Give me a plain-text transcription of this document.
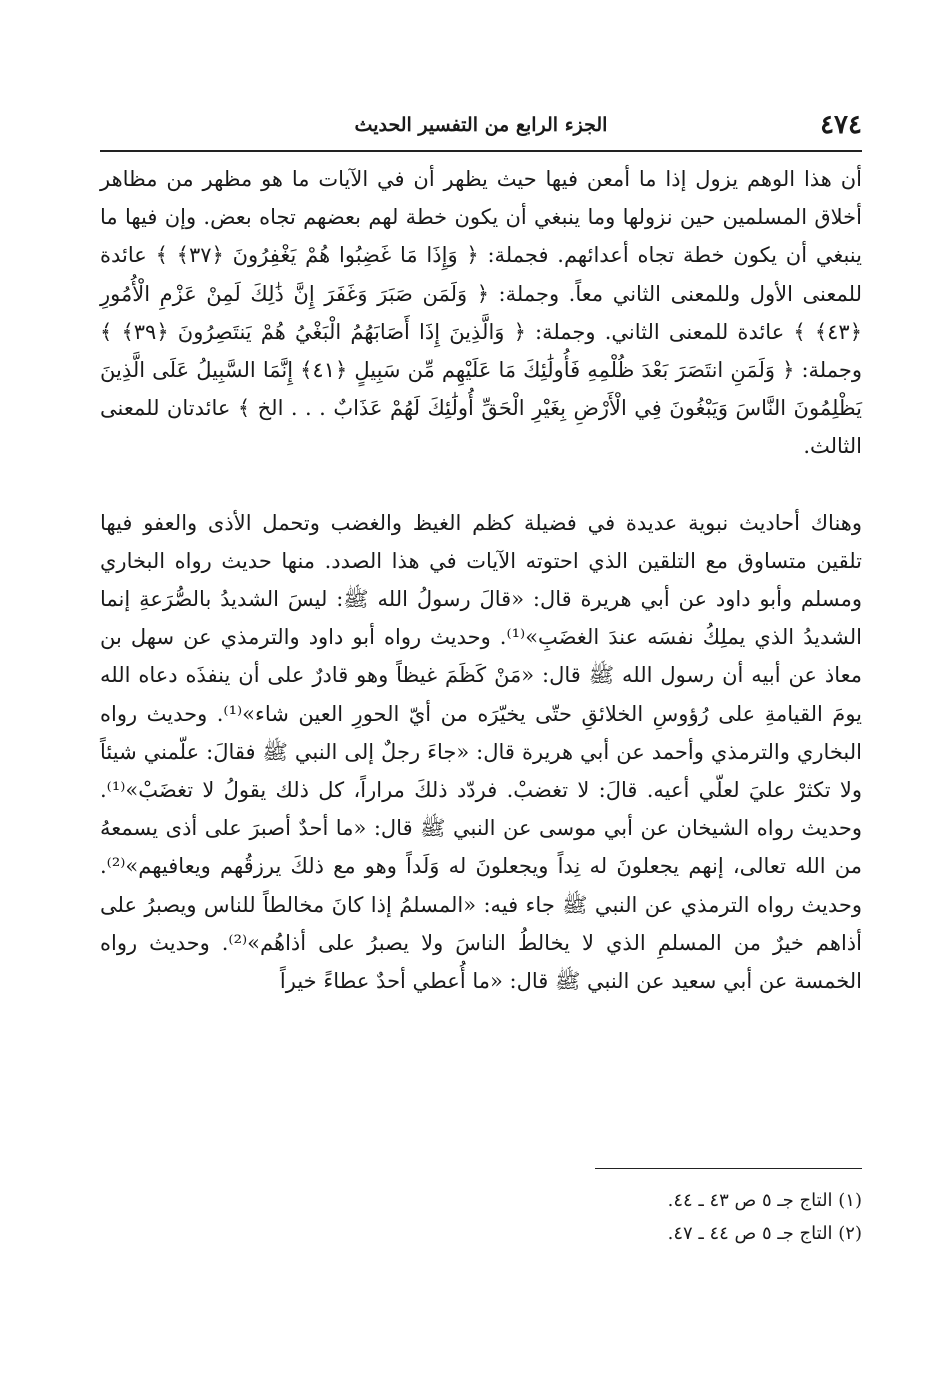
٤٧٤
الجزء الرابع من التفسير الحديث

أن هذا الوهم يزول إذا ما أمعن فيها حيث يظهر أن في الآيات ما هو مظهر من مظاهر أخلاق المسلمين حين نزولها وما ينبغي أن يكون خطة لهم بعضهم تجاه بعض. وإن فيها ما ينبغي أن يكون خطة تجاه أعدائهم. فجملة: ﴿ وَإِذَا مَا غَضِبُوا هُمْ يَغْفِرُونَ ﴿٣٧﴾ ﴾ عائدة للمعنى الأول وللمعنى الثاني معاً. وجملة: ﴿ وَلَمَن صَبَرَ وَغَفَرَ إِنَّ ذَٰلِكَ لَمِنْ عَزْمِ الْأُمُورِ ﴿٤٣﴾ ﴾ عائدة للمعنى الثاني. وجملة: ﴿ وَالَّذِينَ إِذَا أَصَابَهُمُ الْبَغْيُ هُمْ يَنتَصِرُونَ ﴿٣٩﴾ ﴾ وجملة: ﴿ وَلَمَنِ انتَصَرَ بَعْدَ ظُلْمِهِ فَأُولَٰئِكَ مَا عَلَيْهِم مِّن سَبِيلٍ ﴿٤١﴾ إِنَّمَا السَّبِيلُ عَلَى الَّذِينَ يَظْلِمُونَ النَّاسَ وَيَبْغُونَ فِي الْأَرْضِ بِغَيْرِ الْحَقِّ أُولَٰئِكَ لَهُمْ عَذَابٌ . . . الخ ﴾ عائدتان للمعنى الثالث.

وهناك أحاديث نبوية عديدة في فضيلة كظم الغيظ والغضب وتحمل الأذى والعفو فيها تلقين متساوق مع التلقين الذي احتوته الآيات في هذا الصدد. منها حديث رواه البخاري ومسلم وأبو داود عن أبي هريرة قال: «قالَ رسولُ الله ﷺ: ليسَ الشديدُ بالصُّرَعةِ إنما الشديدُ الذي يملِكُ نفسَه عندَ الغضَبِ»⁽¹⁾. وحديث رواه أبو داود والترمذي عن سهل بن معاذ عن أبيه أن رسول الله ﷺ قال: «مَنْ كَظَمَ غيظاً وهو قادرٌ على أن ينفذَه دعاه الله يومَ القيامةِ على رُؤوسِ الخلائقِ حتّى يخيّرَه من أيّ الحورِ العين شاء»⁽¹⁾. وحديث رواه البخاري والترمذي وأحمد عن أبي هريرة قال: «جاءَ رجلٌ إلى النبي ﷺ فقالَ: علّمني شيئاً ولا تكثرْ عليَ لعلّي أعيه. قالَ: لا تغضبْ. فردّد ذلكَ مراراً، كل ذلك يقولُ لا تغضَبْ»⁽¹⁾. وحديث رواه الشيخان عن أبي موسى عن النبي ﷺ قال: «ما أحدٌ أصبرَ على أذى يسمعهُ من الله تعالى، إنهم يجعلونَ له نِداً ويجعلونَ له وَلَداً وهو مع ذلكَ يرزقُهم ويعافيهم»⁽²⁾. وحديث رواه الترمذي عن النبي ﷺ جاء فيه: «المسلمُ إذا كانَ مخالطاً للناس ويصبرُ على أذاهم خيرٌ من المسلمِ الذي لا يخالطُ الناسَ ولا يصبرُ على أذاهُم»⁽²⁾. وحديث رواه الخمسة عن أبي سعيد عن النبي ﷺ قال: «ما أُعطي أحدٌ عطاءً خيراً

(١) التاج جـ ٥ ص ٤٣ ـ ٤٤.

(٢) التاج جـ ٥ ص ٤٤ ـ ٤٧.
